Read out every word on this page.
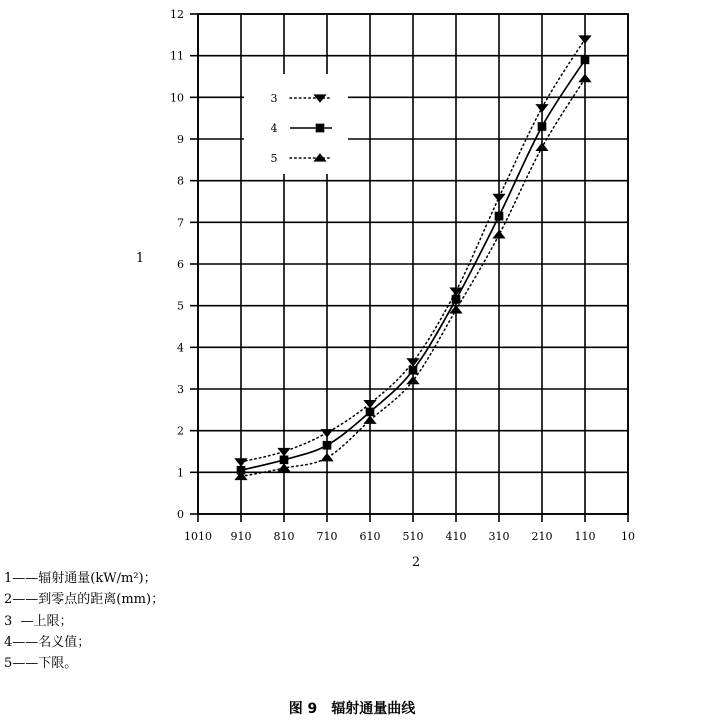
0
1
2
3
4
5
6
7
8
9
10
11
12
1010 910 810 710 610 510 410 310 210 110 10
1
2
3
4
5
1——辐射通量(kW/m²)；
2——到零点的距离(mm)；
3  —上限；
4——名义值；
5——下限。
图 9 辐射通量曲线
